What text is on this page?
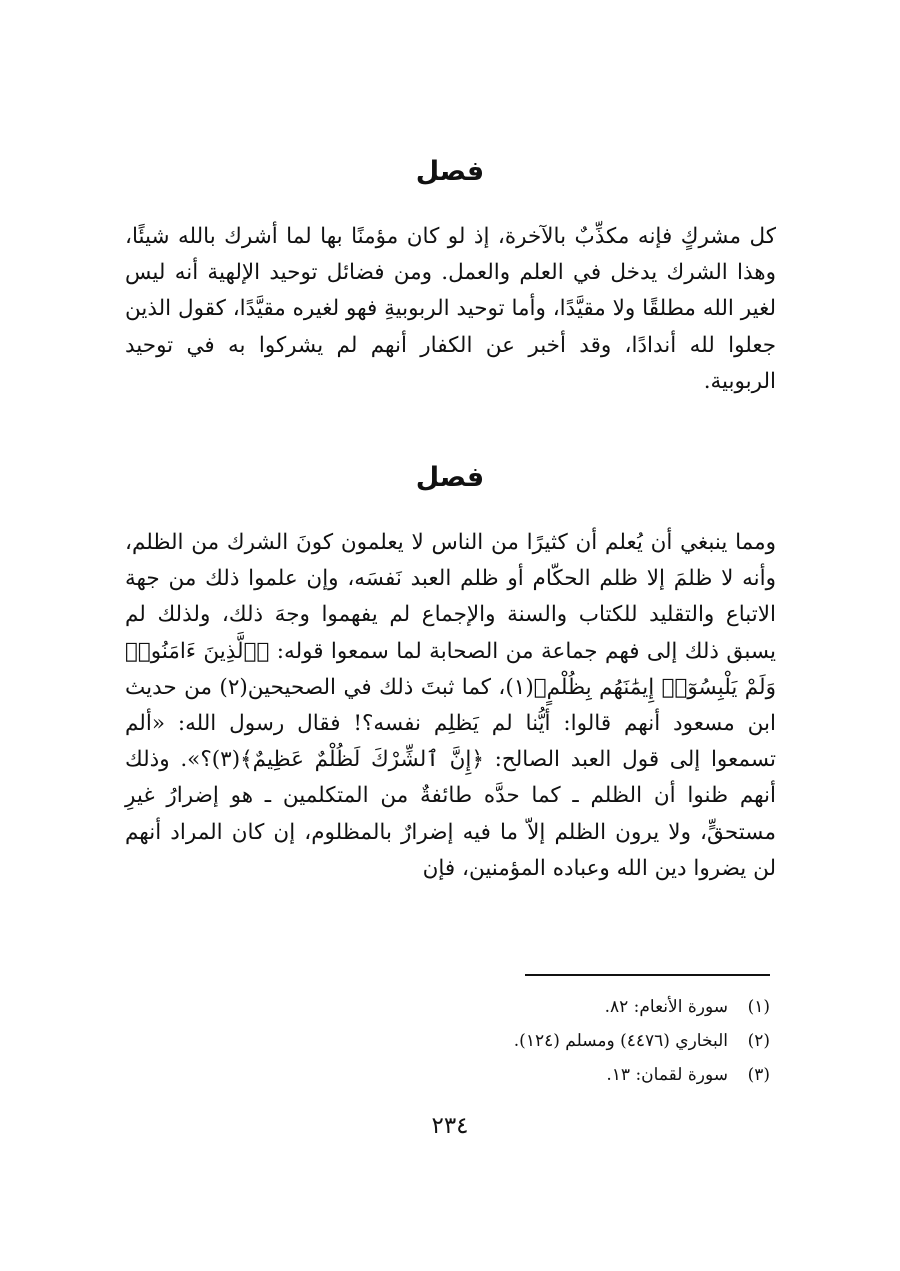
فصل

كل مشركٍ فإنه مكذِّبٌ بالآخرة، إذ لو كان مؤمنًا بها لما أشرك بالله شيئًا، وهذا الشرك يدخل في العلم والعمل. ومن فضائل توحيد الإلهية أنه ليس لغير الله مطلقًا ولا مقيَّدًا، وأما توحيد الربوبيةِ فهو لغيره مقيَّدًا، كقول الذين جعلوا لله أندادًا، وقد أخبر عن الكفار أنهم لم يشركوا به في توحيد الربوبية.

فصل

ومما ينبغي أن يُعلم أن كثيرًا من الناس لا يعلمون كونَ الشرك من الظلم، وأنه لا ظلمَ إلا ظلم الحكّام أو ظلم العبد نَفسَه، وإن علموا ذلك من جهة الاتباع والتقليد للكتاب والسنة والإجماع لم يفهموا وجهَ ذلك، ولذلك لم يسبق ذلك إلى فهم جماعة من الصحابة لما سمعوا قوله: ﴿ٱلَّذِينَ ءَامَنُوا۟ وَلَمْ يَلْبِسُوٓا۟ إِيمَٰنَهُم بِظُلْمٍ﴾(١)، كما ثبتَ ذلك في الصحيحين(٢) من حديث ابن مسعود أنهم قالوا: أيُّنا لم يَظلِم نفسه؟! فقال رسول الله: «ألم تسمعوا إلى قول العبد الصالح: ﴿إِنَّ ٱلشِّرْكَ لَظُلْمٌ عَظِيمٌ﴾(٣)؟». وذلك أنهم ظنوا أن الظلم ـ كما حدَّه طائفةٌ من المتكلمين ـ هو إضرارُ غيرِ مستحقٍّ، ولا يرون الظلم إلاّ ما فيه إضرارٌ بالمظلوم، إن كان المراد أنهم لن يضروا دين الله وعباده المؤمنين، فإن

(١)سورة الأنعام: ٨٢.
(٢)البخاري (٤٤٧٦) ومسلم (١٢٤).
(٣)سورة لقمان: ١٣.
٢٣٤
